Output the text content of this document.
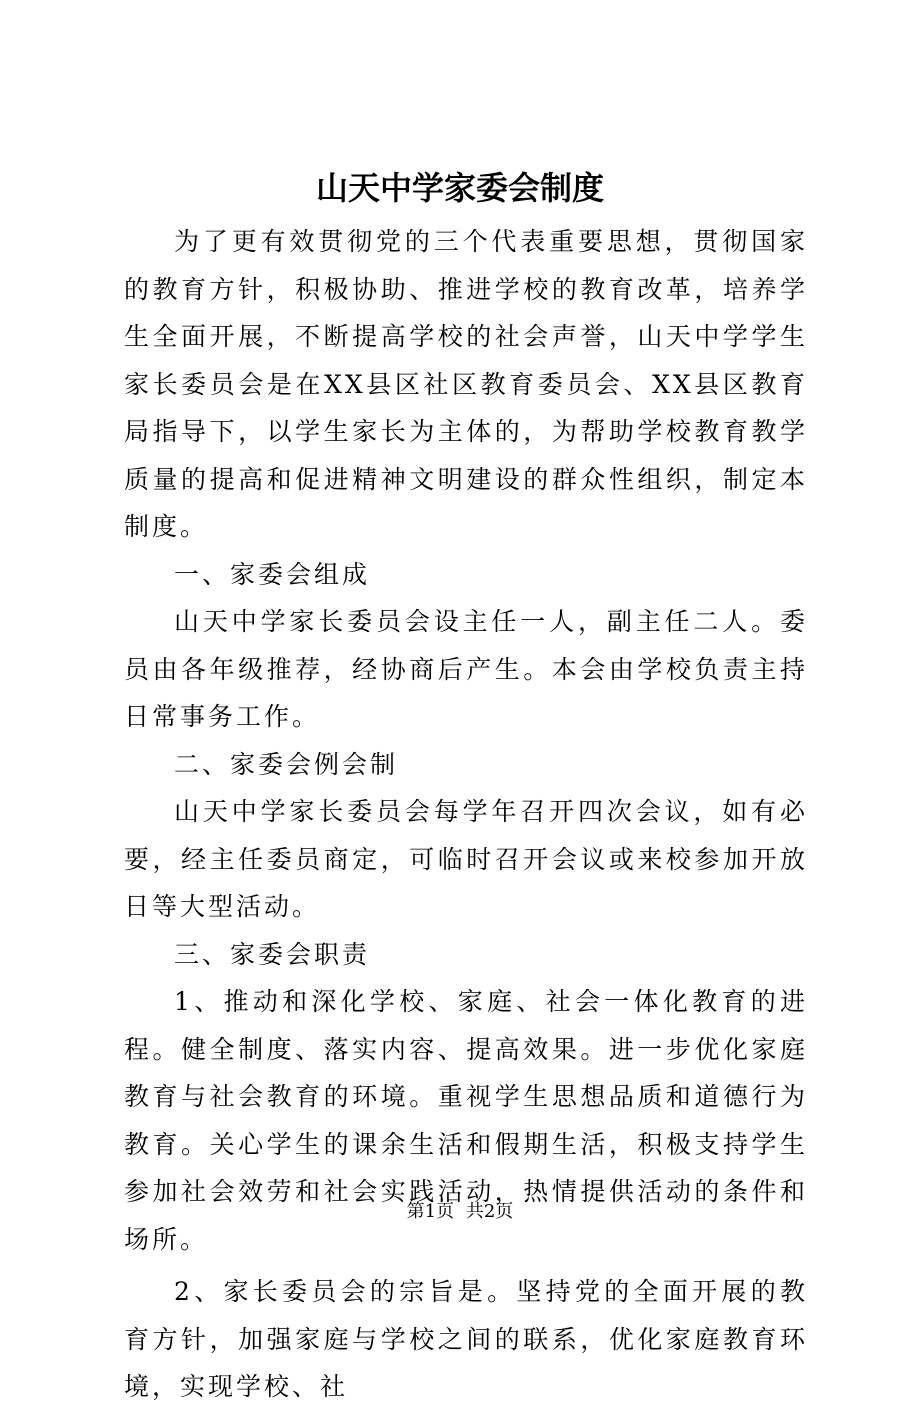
山天中学家委会制度

为了更有效贯彻党的三个代表重要思想，贯彻国家的教育方针，积极协助、推进学校的教育改革，培养学生全面开展，不断提高学校的社会声誉，山天中学学生家长委员会是在XX县区社区教育委员会、XX县区教育局指导下，以学生家长为主体的，为帮助学校教育教学质量的提高和促进精神文明建设的群众性组织，制定本制度。

一、家委会组成

山天中学家长委员会设主任一人，副主任二人。委员由各年级推荐，经协商后产生。本会由学校负责主持日常事务工作。

二、家委会例会制

山天中学家长委员会每学年召开四次会议，如有必要，经主任委员商定，可临时召开会议或来校参加开放日等大型活动。

三、家委会职责

1、推动和深化学校、家庭、社会一体化教育的进程。健全制度、落实内容、提高效果。进一步优化家庭教育与社会教育的环境。重视学生思想品质和道德行为教育。关心学生的课余生活和假期生活，积极支持学生参加社会效劳和社会实践活动，热情提供活动的条件和场所。

2、家长委员会的宗旨是。坚持党的全面开展的教育方针，加强家庭与学校之间的联系，优化家庭教育环境，实现学校、社

第1页 共2页
